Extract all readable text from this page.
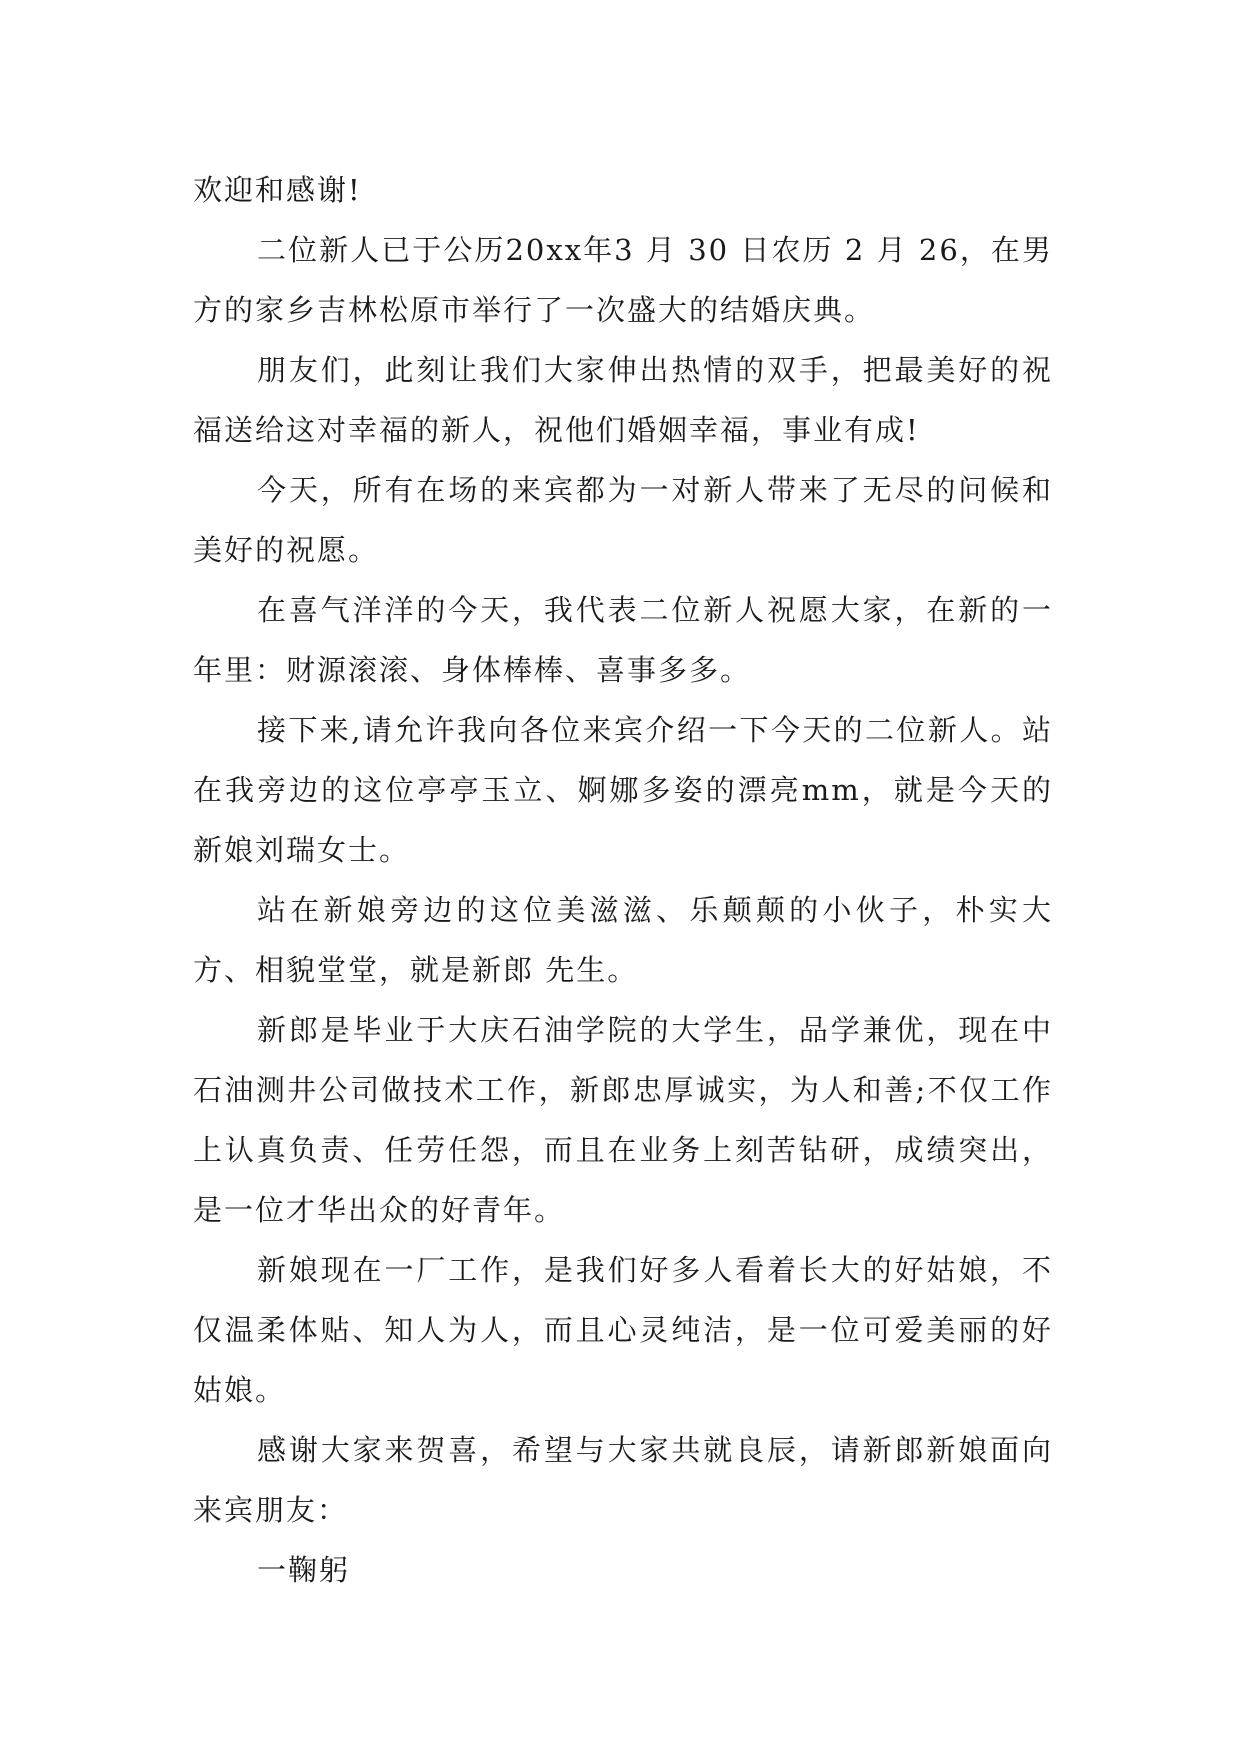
欢迎和感谢!

二位新人已于公历20xx年3 月 30 日农历 2 月 26，在男方的家乡吉林松原市举行了一次盛大的结婚庆典。

朋友们，此刻让我们大家伸出热情的双手，把最美好的祝福送给这对幸福的新人，祝他们婚姻幸福，事业有成!

今天，所有在场的来宾都为一对新人带来了无尽的问候和美好的祝愿。

在喜气洋洋的今天，我代表二位新人祝愿大家，在新的一年里：财源滚滚、身体棒棒、喜事多多。

接下来,请允许我向各位来宾介绍一下今天的二位新人。站在我旁边的这位亭亭玉立、婀娜多姿的漂亮mm，就是今天的新娘刘瑞女士。

站在新娘旁边的这位美滋滋、乐颠颠的小伙子，朴实大方、相貌堂堂，就是新郎 先生。

新郎是毕业于大庆石油学院的大学生，品学兼优，现在中石油测井公司做技术工作，新郎忠厚诚实，为人和善;不仅工作上认真负责、任劳任怨，而且在业务上刻苦钻研，成绩突出，是一位才华出众的好青年。

新娘现在一厂工作，是我们好多人看着长大的好姑娘，不仅温柔体贴、知人为人，而且心灵纯洁，是一位可爱美丽的好姑娘。

感谢大家来贺喜，希望与大家共就良辰，请新郎新娘面向来宾朋友：

一鞠躬
